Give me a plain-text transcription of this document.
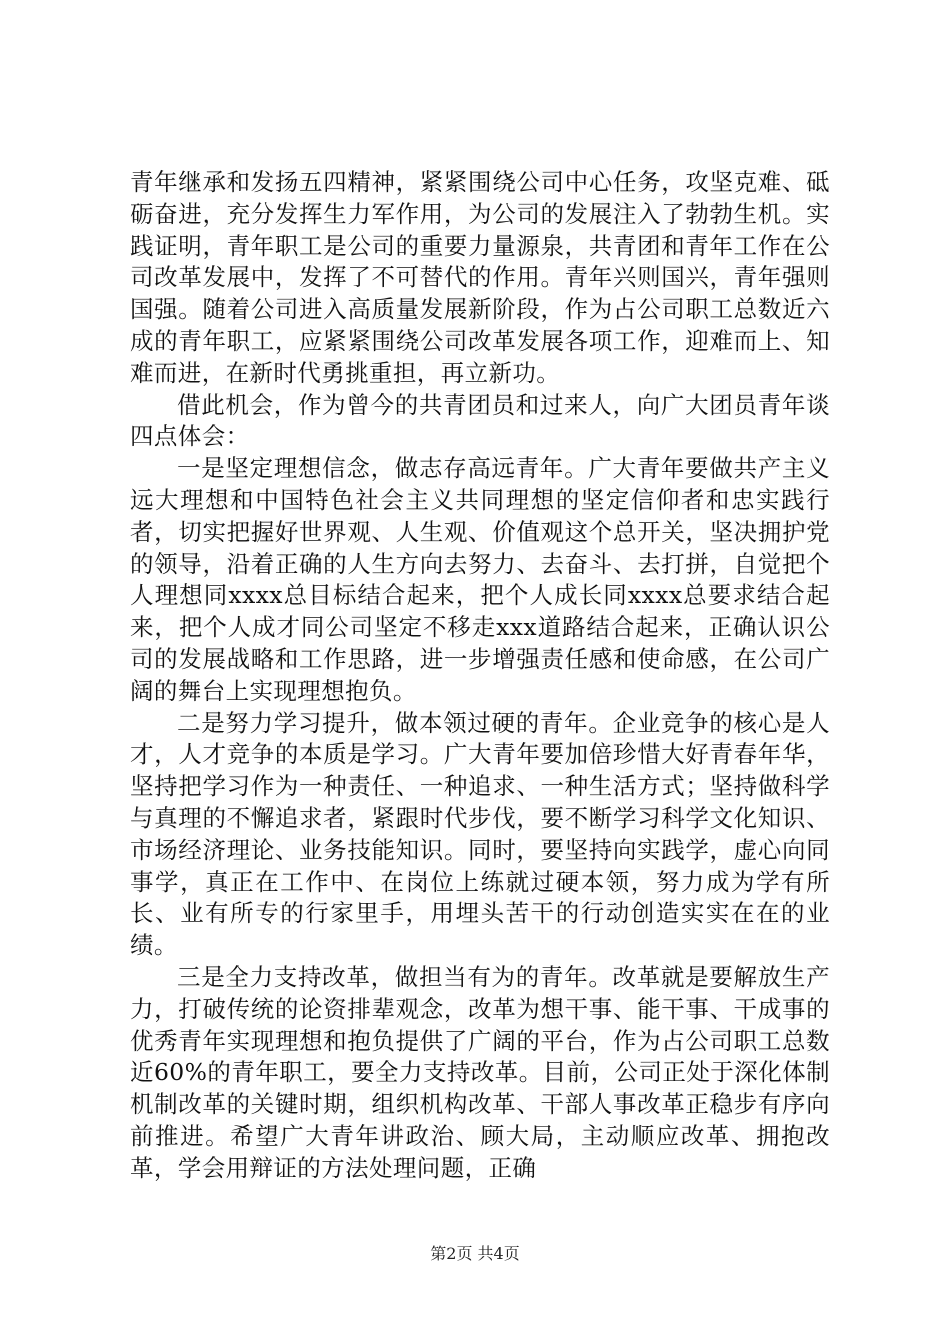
青年继承和发扬五四精神，紧紧围绕公司中心任务，攻坚克难、砥砺奋进，充分发挥生力军作用，为公司的发展注入了勃勃生机。实践证明，青年职工是公司的重要力量源泉，共青团和青年工作在公司改革发展中，发挥了不可替代的作用。青年兴则国兴，青年强则国强。随着公司进入高质量发展新阶段，作为占公司职工总数近六成的青年职工，应紧紧围绕公司改革发展各项工作，迎难而上、知难而进，在新时代勇挑重担，再立新功。

借此机会，作为曾今的共青团员和过来人，向广大团员青年谈四点体会：

一是坚定理想信念，做志存高远青年。广大青年要做共产主义远大理想和中国特色社会主义共同理想的坚定信仰者和忠实践行者，切实把握好世界观、人生观、价值观这个总开关，坚决拥护党的领导，沿着正确的人生方向去努力、去奋斗、去打拼，自觉把个人理想同xxxx总目标结合起来，把个人成长同xxxx总要求结合起来，把个人成才同公司坚定不移走xxx道路结合起来，正确认识公司的发展战略和工作思路，进一步增强责任感和使命感，在公司广阔的舞台上实现理想抱负。

二是努力学习提升，做本领过硬的青年。企业竞争的核心是人才，人才竞争的本质是学习。广大青年要加倍珍惜大好青春年华，坚持把学习作为一种责任、一种追求、一种生活方式；坚持做科学与真理的不懈追求者，紧跟时代步伐，要不断学习科学文化知识、市场经济理论、业务技能知识。同时，要坚持向实践学，虚心向同事学，真正在工作中、在岗位上练就过硬本领，努力成为学有所长、业有所专的行家里手，用埋头苦干的行动创造实实在在的业绩。

三是全力支持改革，做担当有为的青年。改革就是要解放生产力，打破传统的论资排辈观念，改革为想干事、能干事、干成事的优秀青年实现理想和抱负提供了广阔的平台，作为占公司职工总数近60%的青年职工，要全力支持改革。目前，公司正处于深化体制机制改革的关键时期，组织机构改革、干部人事改革正稳步有序向前推进。希望广大青年讲政治、顾大局，主动顺应改革、拥抱改革，学会用辩证的方法处理问题，正确

第2页 共4页
